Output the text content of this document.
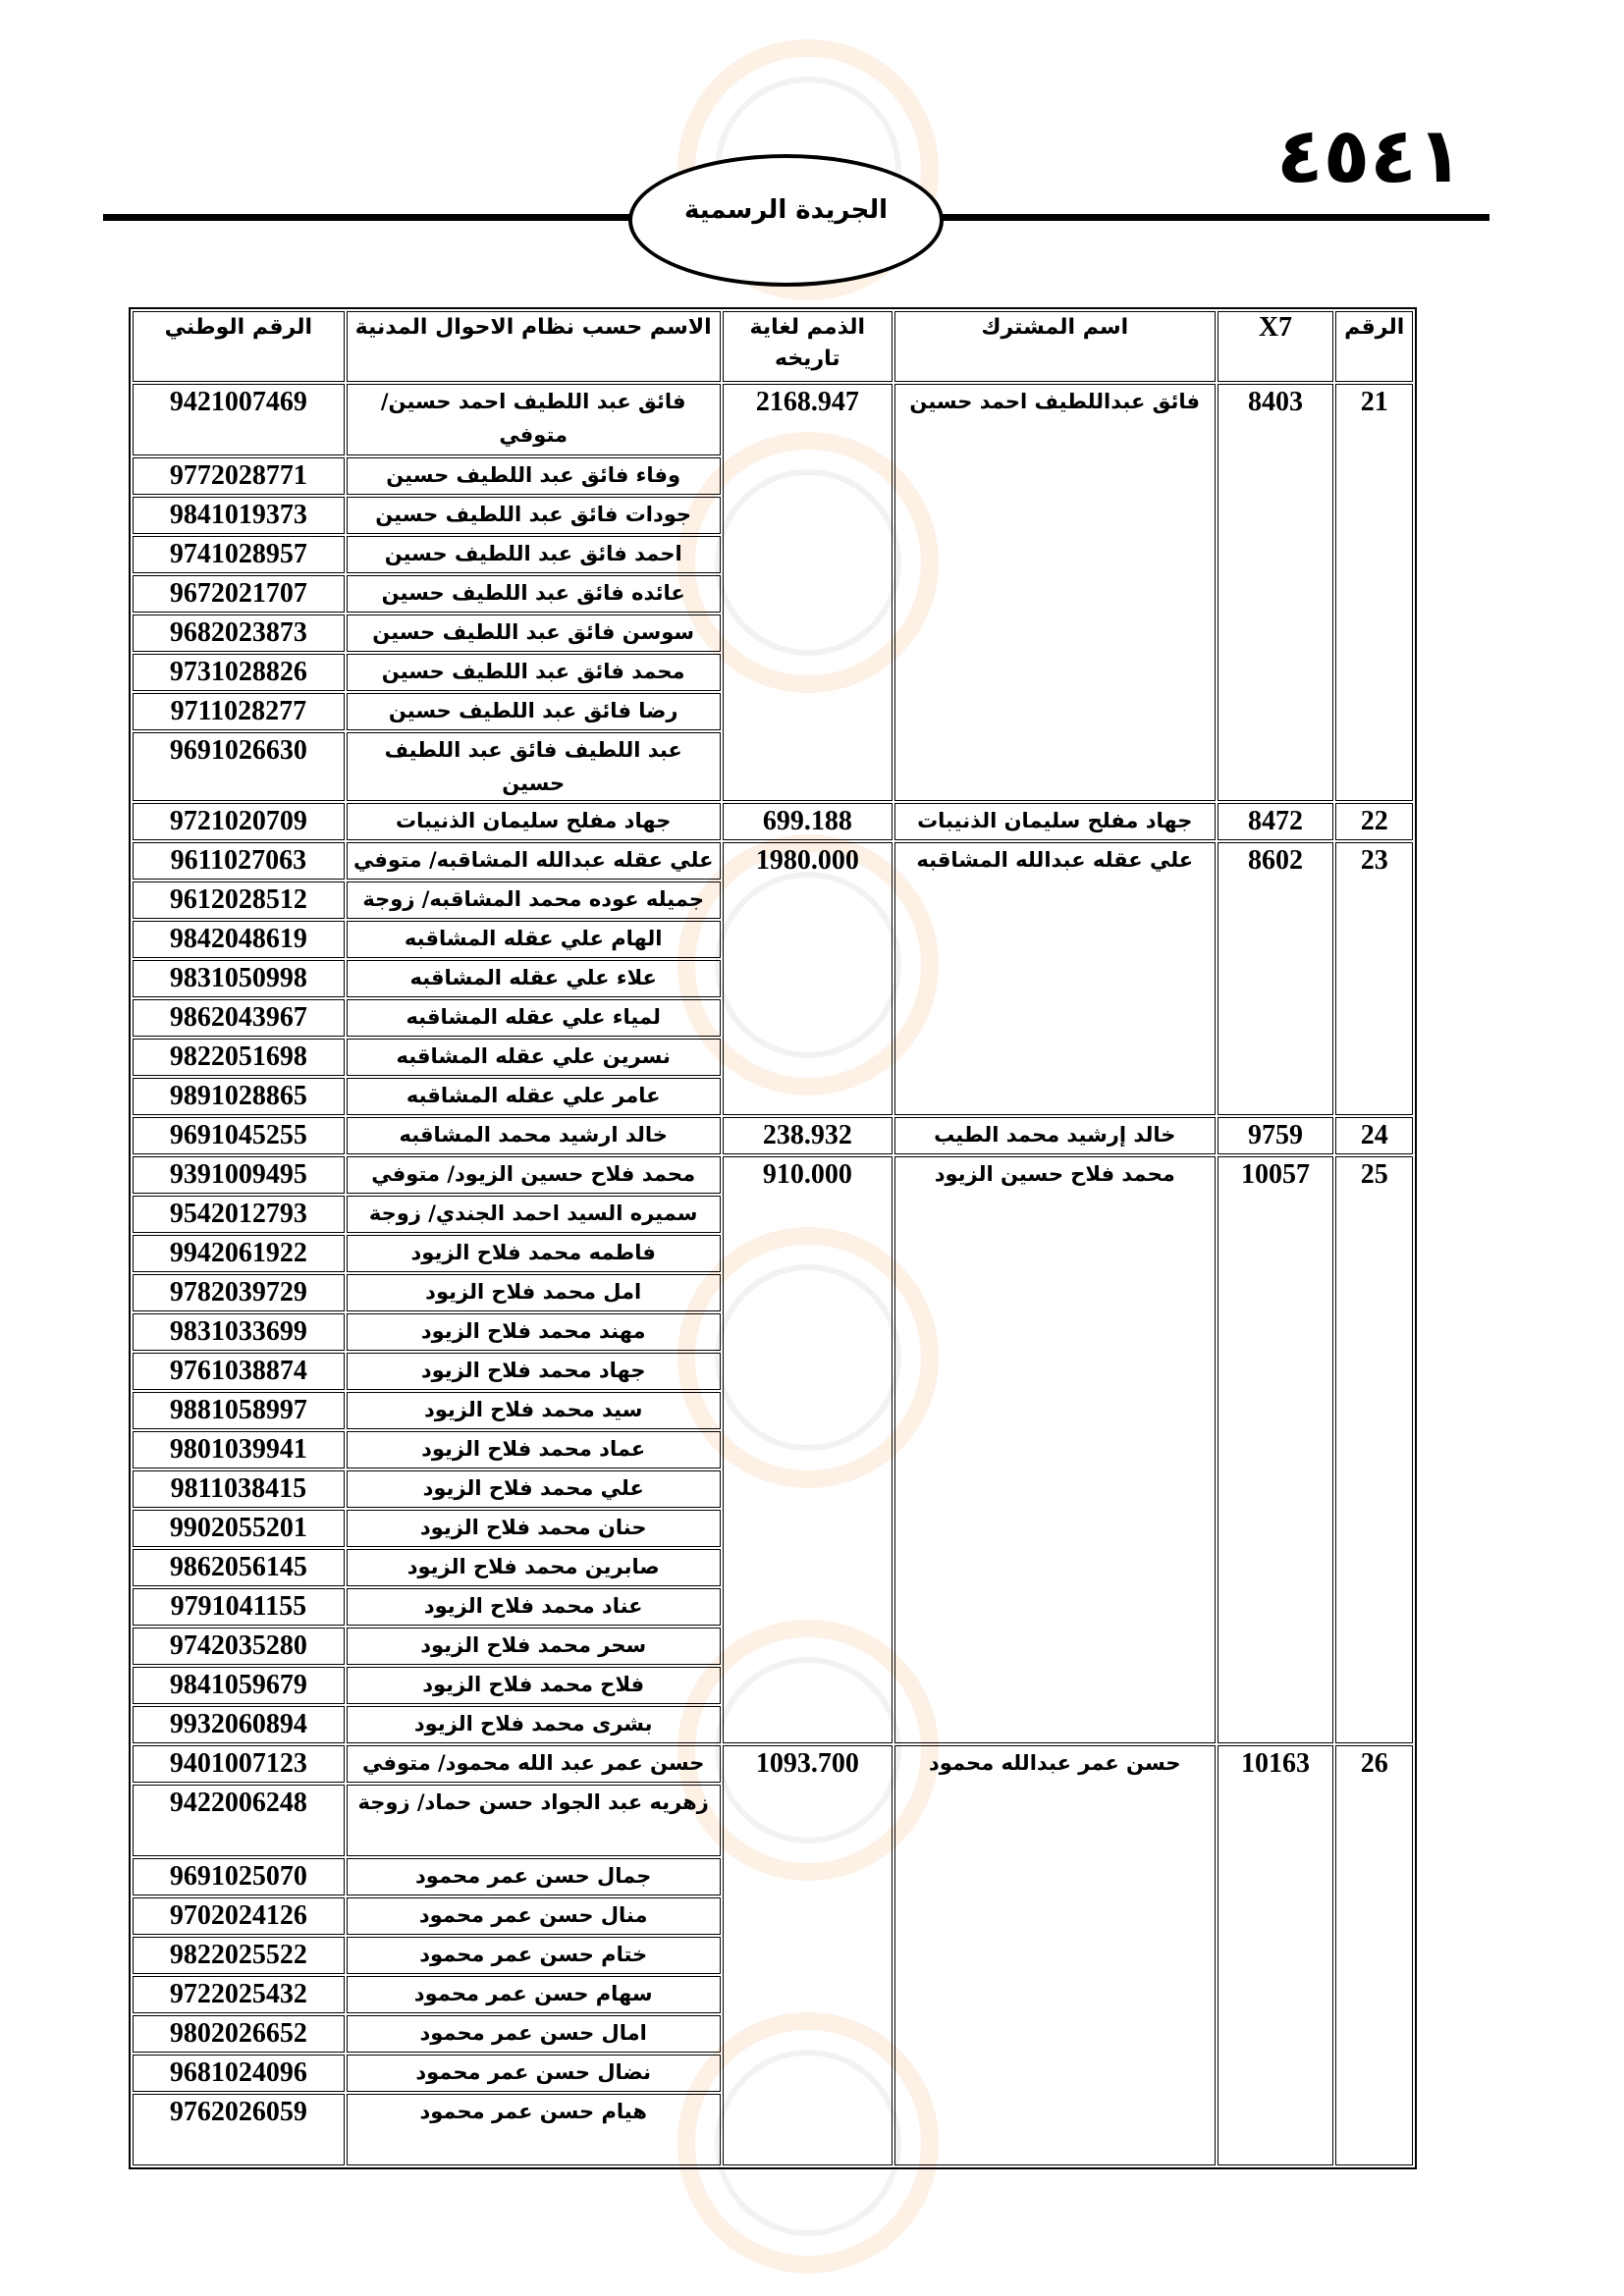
٤٥٤١
الجريدة الرسمية
الرقم	X7	اسم المشترك	الذمم لغاية تاريخه	الاسم حسب نظام الاحوال المدنية	الرقم الوطني
21	8403	فائق عبداللطيف احمد حسين	2168.947	فائق عبد اللطيف احمد حسين/ متوفي	9421007469
				وفاء فائق عبد اللطيف حسين	9772028771
				جودات فائق عبد اللطيف حسين	9841019373
				احمد فائق عبد اللطيف حسين	9741028957
				عائده فائق عبد اللطيف حسين	9672021707
				سوسن فائق عبد اللطيف حسين	9682023873
				محمد فائق عبد اللطيف حسين	9731028826
				رضا فائق عبد اللطيف حسين	9711028277
				عبد اللطيف فائق عبد اللطيف حسين	9691026630
22	8472	جهاد مفلح سليمان الذنيبات	699.188	جهاد مفلح سليمان الذنيبات	9721020709
23	8602	علي عقله عبدالله المشاقبه	1980.000	علي عقله عبدالله المشاقبه/ متوفي	9611027063
				جميله عوده محمد المشاقبه/ زوجة	9612028512
				الهام علي عقله المشاقبه	9842048619
				علاء علي عقله المشاقبه	9831050998
				لمياء علي عقله المشاقبه	9862043967
				نسرين علي عقله المشاقبه	9822051698
				عامر علي عقله المشاقبه	9891028865
24	9759	خالد إرشيد محمد الطيب	238.932	خالد ارشيد محمد المشاقبه	9691045255
25	10057	محمد فلاح حسين الزيود	910.000	محمد فلاح حسين الزيود/ متوفي	9391009495
				سميره السيد احمد الجندي/ زوجة	9542012793
				فاطمه محمد فلاح الزيود	9942061922
				امل محمد فلاح الزيود	9782039729
				مهند محمد فلاح الزيود	9831033699
				جهاد محمد فلاح الزيود	9761038874
				سيد محمد فلاح الزيود	9881058997
				عماد محمد فلاح الزيود	9801039941
				علي محمد فلاح الزيود	9811038415
				حنان محمد فلاح الزيود	9902055201
				صابرين محمد فلاح الزيود	9862056145
				عناد محمد فلاح الزيود	9791041155
				سحر محمد فلاح الزيود	9742035280
				فلاح محمد فلاح الزيود	9841059679
				بشرى محمد فلاح الزيود	9932060894
26	10163	حسن عمر عبدالله محمود	1093.700	حسن عمر عبد الله محمود/ متوفي	9401007123
				زهريه عبد الجواد حسن حماد/ زوجة	9422006248
				جمال حسن عمر محمود	9691025070
				منال حسن عمر محمود	9702024126
				ختام حسن عمر محمود	9822025522
				سهام حسن عمر محمود	9722025432
				امال حسن عمر محمود	9802026652
				نضال حسن عمر محمود	9681024096
				هيام حسن عمر محمود	9762026059
